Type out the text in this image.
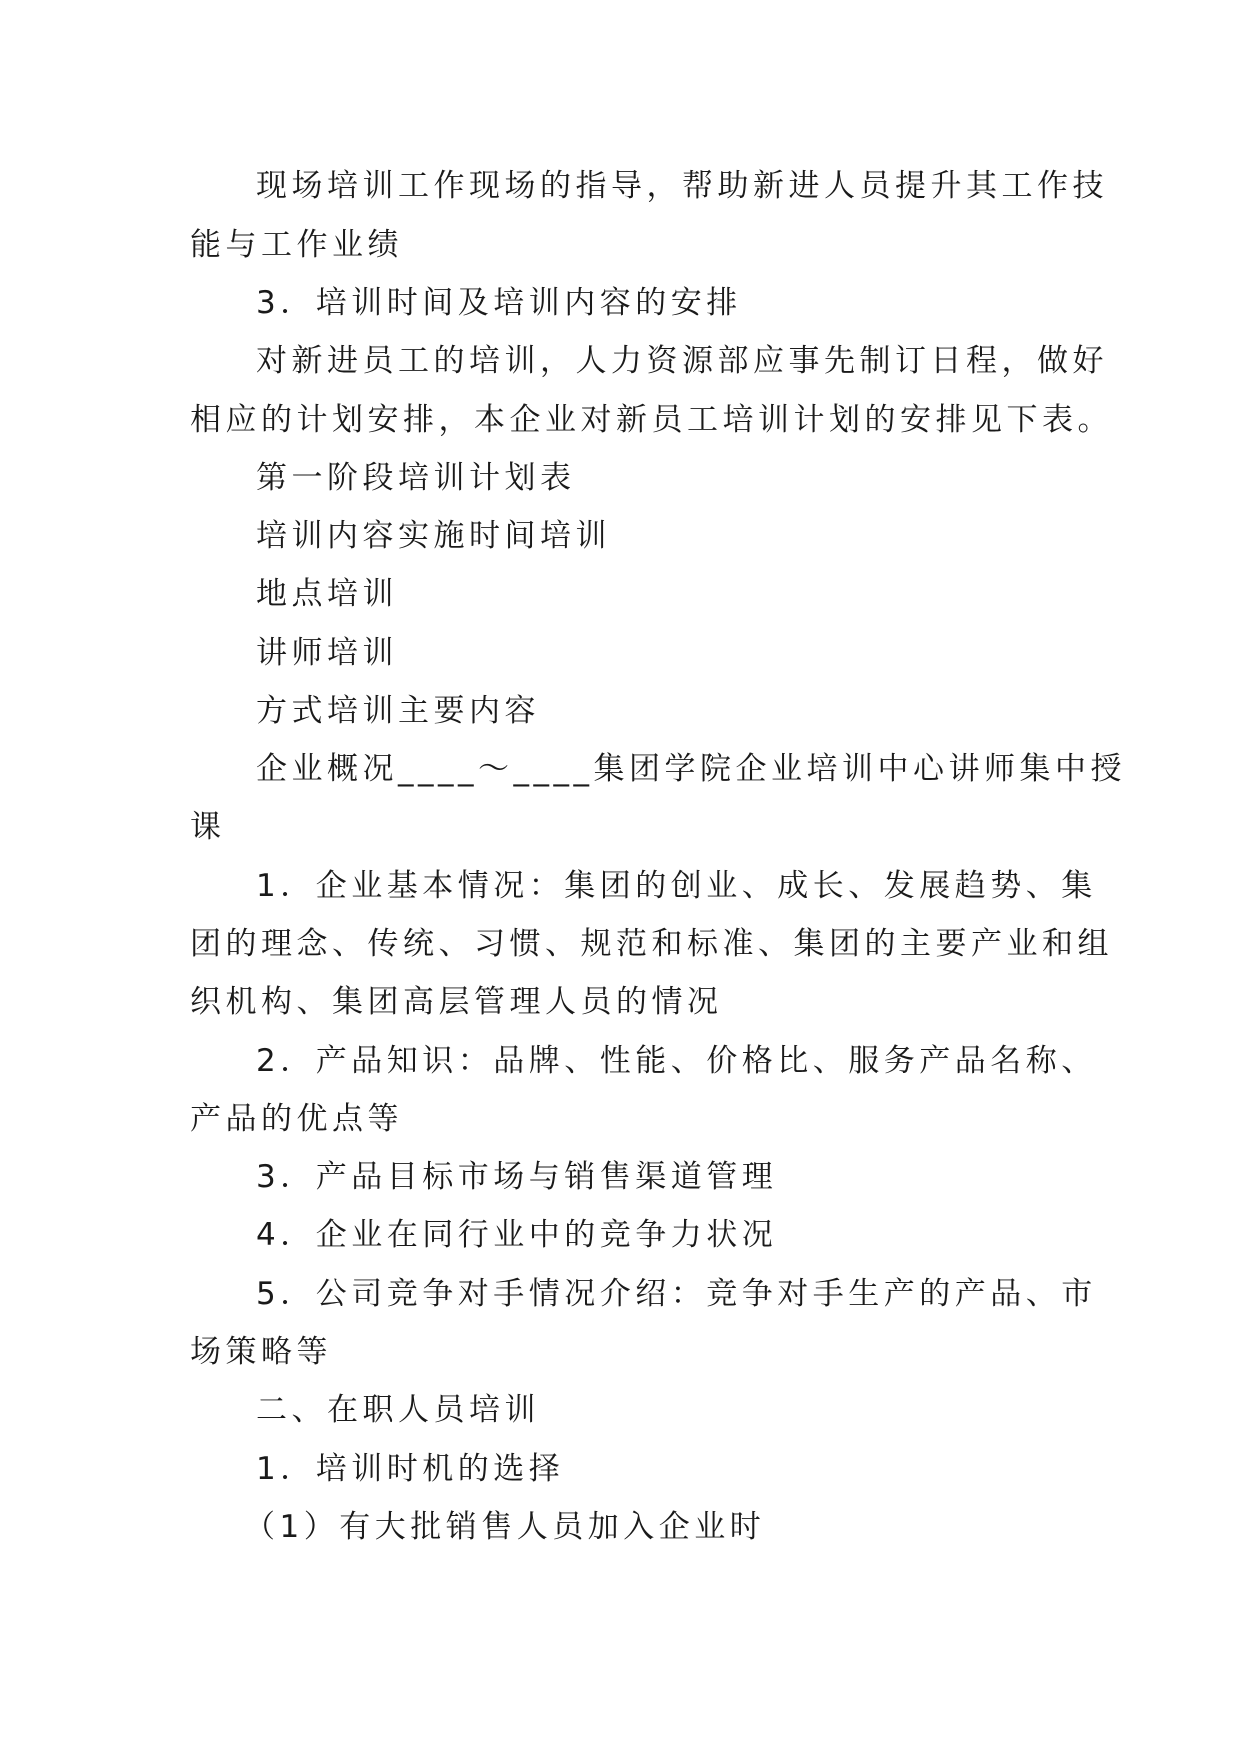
现场培训工作现场的指导，帮助新进人员提升其工作技
能与工作业绩
3．培训时间及培训内容的安排
对新进员工的培训，人力资源部应事先制订日程，做好
相应的计划安排，本企业对新员工培训计划的安排见下表。
第一阶段培训计划表
培训内容实施时间培训
地点培训
讲师培训
方式培训主要内容
企业概况____～____集团学院企业培训中心讲师集中授
课
1．企业基本情况：集团的创业、成长、发展趋势、集
团的理念、传统、习惯、规范和标准、集团的主要产业和组
织机构、集团高层管理人员的情况
2．产品知识：品牌、性能、价格比、服务产品名称、
产品的优点等
3．产品目标市场与销售渠道管理
4．企业在同行业中的竞争力状况
5．公司竞争对手情况介绍：竞争对手生产的产品、市
场策略等
二、在职人员培训
1．培训时机的选择
（1）有大批销售人员加入企业时
